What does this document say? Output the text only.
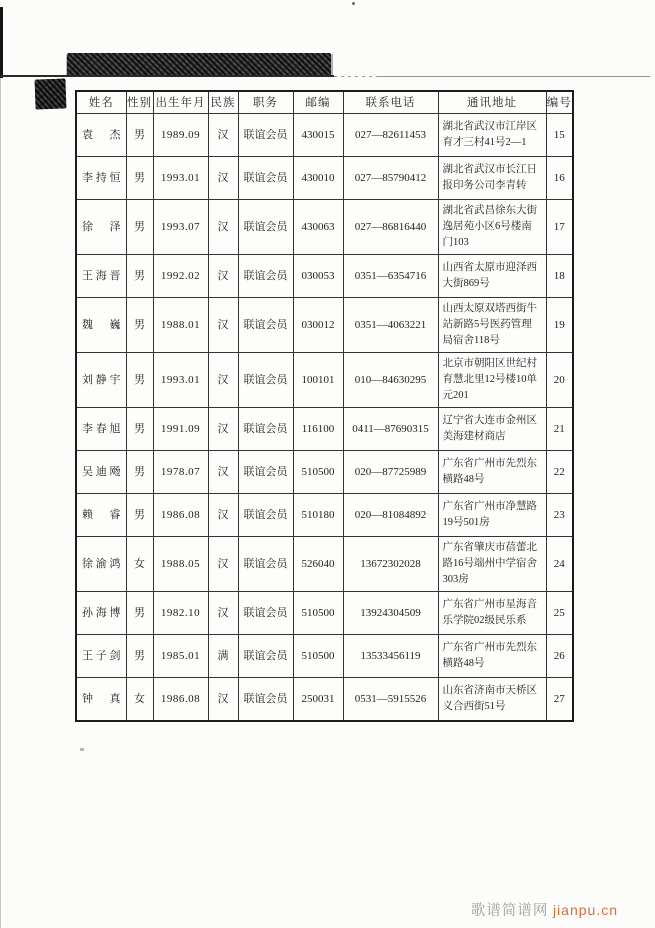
姓名	性别	出生年月	民族	职务	邮编	联系电话	通讯地址	编号
袁　杰	男	1989.09	汉	联谊会员	430015	027—82611453	湖北省武汉市江岸区育才三村41号2—1	15
李持恒	男	1993.01	汉	联谊会员	430010	027—85790412	湖北省武汉市长江日报印务公司李青转	16
徐　泽	男	1993.07	汉	联谊会员	430063	027—86816440	湖北省武昌徐东大街逸居苑小区6号楼南门103	17
王海晋	男	1992.02	汉	联谊会员	030053	0351—6354716	山西省太原市迎泽西大街869号	18
魏　巍	男	1988.01	汉	联谊会员	030012	0351—4063221	山西太原双塔西街牛站新路5号医药管理局宿舍118号	19
刘静宇	男	1993.01	汉	联谊会员	100101	010—84630295	北京市朝阳区世纪村育慧北里12号楼10单元201	20
李春旭	男	1991.09	汉	联谊会员	116100	0411—87690315	辽宁省大连市金州区美海建材商店	21
吴迪飏	男	1978.07	汉	联谊会员	510500	020—87725989	广东省广州市先烈东横路48号	22
赖　睿	男	1986.08	汉	联谊会员	510180	020—81084892	广东省广州市净慧路19号501房	23
徐渝鸿	女	1988.05	汉	联谊会员	526040	13672302028	广东省肇庆市蓓蕾北路16号端州中学宿舍303房	24
孙海博	男	1982.10	汉	联谊会员	510500	13924304509	广东省广州市星海音乐学院02级民乐系	25
王子剑	男	1985.01	满	联谊会员	510500	13533456119	广东省广州市先烈东横路48号	26
钟　真	女	1986.08	汉	联谊会员	250031	0531—5915526	山东省济南市天桥区义合西街51号	27
歌谱简谱网 jianpu.cn
